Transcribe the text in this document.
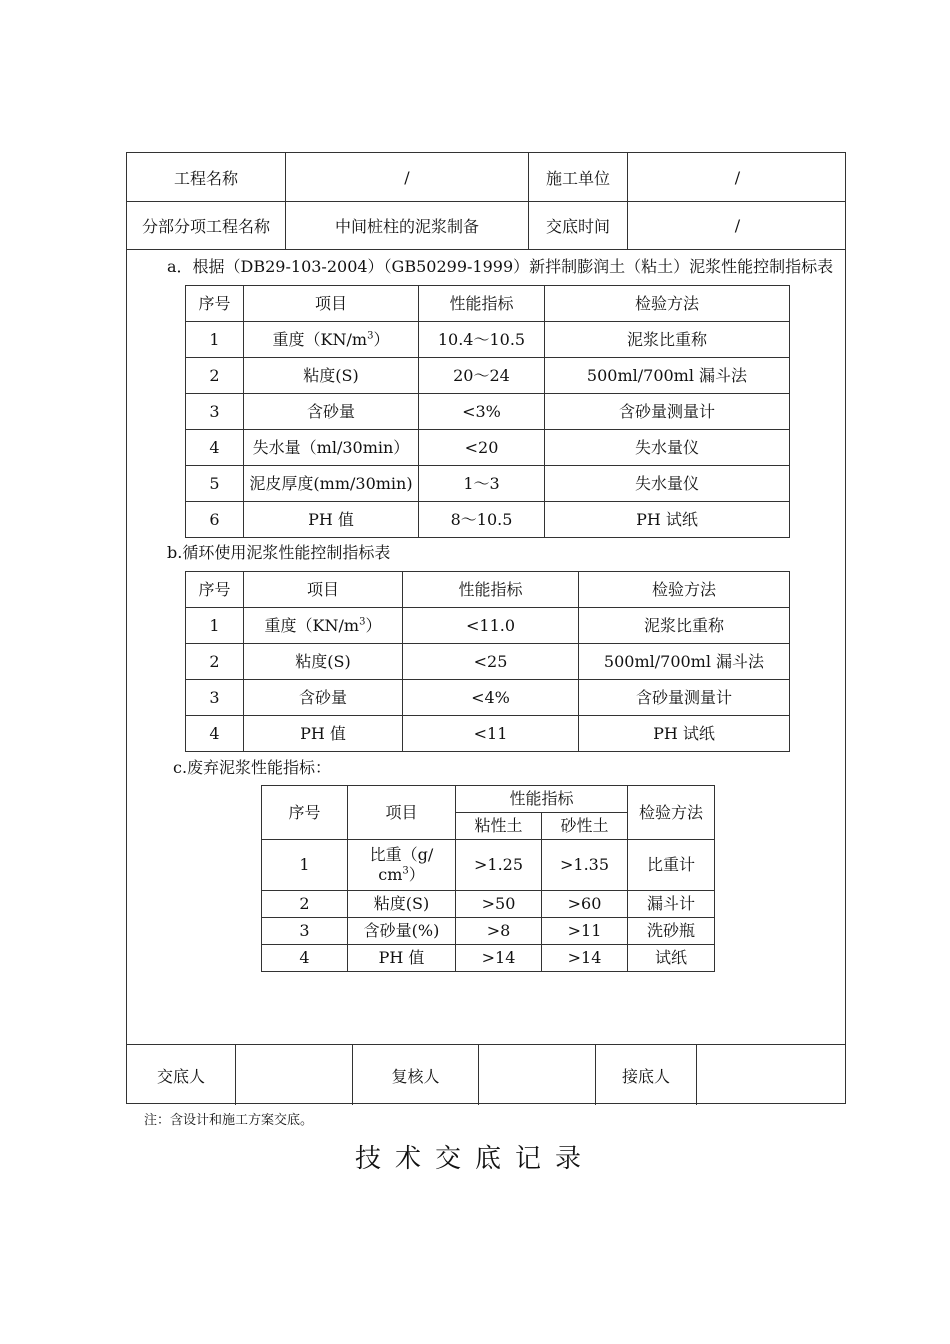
工程名称	/	施工单位	/
分部分项工程名称	中间桩柱的泥浆制备	交底时间	/
a．根据（DB29-103-2004）（GB50299-1999）新拌制膨润土（粘土）泥浆性能控制指标表
序号	项目	性能指标	检验方法
1	重度$(KN/m^3)$	10.4～10.5	泥浆比重称
2	粘度(S)	20～24	500ml/700ml 漏斗法
3	含砂量	<3%	含砂量测量计
4	失水量（ml/30min）	<20	失水量仪
5	泥皮厚度(mm/30min)	1～3	失水量仪
6	PH 值	8～10.5	PH 试纸
b.循环使用泥浆性能控制指标表
序号	项目	性能指标	检验方法
1	重度$(KN/m^3)$	<11.0	泥浆比重称
2	粘度(S)	<25	500ml/700ml 漏斗法
3	含砂量	<4%	含砂量测量计
4	PH 值	<11	PH 试纸
c.废弃泥浆性能指标：
序号	项目	性能指标		检验方法
		粘性土	砂性土	
1	比重（g/
$cm^3$）	>1.25	>1.35	比重计
2	粘度(S)	>50	>60	漏斗计
3	含砂量(%)	>8	>11	洗砂瓶
4	PH 值	>14	>14	试纸
交底人	复核人	接底人
注：含设计和施工方案交底。
技术交底记录
